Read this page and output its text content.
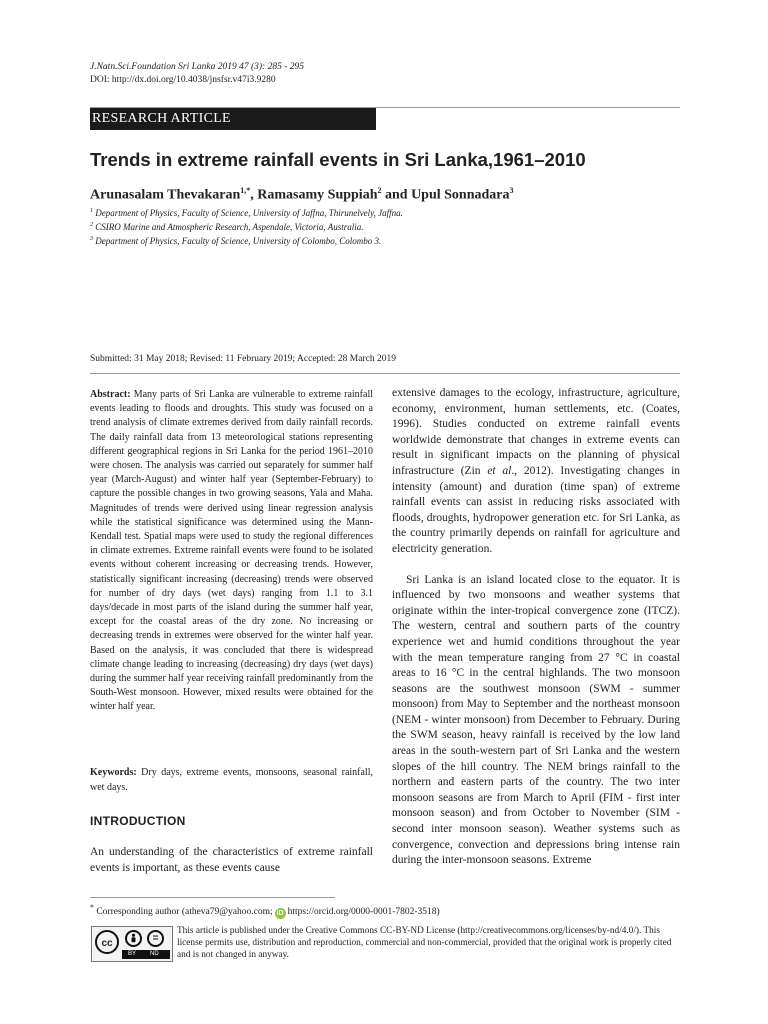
J.Natn.Sci.Foundation Sri Lanka 2019 47 (3): 285 - 295
DOI: http://dx.doi.org/10.4038/jnsfsr.v47i3.9280
RESEARCH ARTICLE
Trends in extreme rainfall events in Sri Lanka,1961–2010
Arunasalam Thevakaran$^{1,*}$, Ramasamy Suppiah$^2$ and Upul Sonnadara$^3$
$^1$ Department of Physics, Faculty of Science, University of Jaffna, Thirunelvely, Jaffna.
$^2$ CSIRO Marine and Atmospheric Research, Aspendale, Victoria, Australia.
$^3$ Department of Physics, Faculty of Science, University of Colombo, Colombo 3.
Submitted: 31 May 2018; Revised: 11 February 2019; Accepted: 28 March 2019
Abstract: Many parts of Sri Lanka are vulnerable to extreme rainfall events leading to floods and droughts. This study was focused on a trend analysis of climate extremes derived from daily rainfall records. The daily rainfall data from 13 meteorological stations representing different geographical regions in Sri Lanka for the period 1961–2010 were chosen. The analysis was carried out separately for summer half year (March-August) and winter half year (September-February) to capture the possible changes in two growing seasons, Yala and Maha. Magnitudes of trends were derived using linear regression analysis while the statistical significance was determined using the Mann-Kendall test. Spatial maps were used to study the regional differences in climate extremes. Extreme rainfall events were found to be isolated events without coherent increasing or decreasing trends. However, statistically significant increasing (decreasing) trends were observed for number of dry days (wet days) ranging from 1.1 to 3.1 days/decade in most parts of the island during the summer half year, except for the coastal areas of the dry zone. No increasing or decreasing trends in extremes were observed for the winter half year. Based on the analysis, it was concluded that there is widespread climate change leading to increasing (decreasing) dry days (wet days) during the summer half year receiving rainfall predominantly from the South-West monsoon. However, mixed results were obtained for the winter half year.
Keywords: Dry days, extreme events, monsoons, seasonal rainfall, wet days.
INTRODUCTION
An understanding of the characteristics of extreme rainfall events is important, as these events cause

extensive damages to the ecology, infrastructure, agriculture, economy, environment, human settlements, etc. (Coates, 1996). Studies conducted on extreme rainfall events worldwide demonstrate that changes in extreme events can result in significant impacts on the planning of physical infrastructure (Zin et al., 2012). Investigating changes in intensity (amount) and duration (time span) of extreme rainfall events can assist in reducing risks associated with floods, droughts, hydropower generation etc. for Sri Lanka, as the country primarily depends on rainfall for agriculture and electricity generation.

Sri Lanka is an island located close to the equator. It is influenced by two monsoons and weather systems that originate within the inter-tropical convergence zone (ITCZ). The western, central and southern parts of the country experience wet and humid conditions throughout the year with the mean temperature ranging from 27 °C in coastal areas to 16 °C in the central highlands. The two monsoon seasons are the southwest monsoon (SWM - summer monsoon) from May to September and the northeast monsoon (NEM - winter monsoon) from December to February. During the SWM season, heavy rainfall is received by the low land areas in the south-western part of Sri Lanka and the western slopes of the hill country. The NEM brings rainfall to the northern and eastern parts of the country. The two inter monsoon seasons are from March to April (FIM - first inter monsoon season) and from October to November (SIM - second inter monsoon season). Weather systems such as convergence, convection and depressions bring intense rain during the inter-monsoon seasons. Extreme

* Corresponding author (atheva79@yahoo.com; iD https://orcid.org/0000-0001-7802-3518)
cc	=
BY ND
This article is published under the Creative Commons CC-BY-ND License (http://creativecommons.org/licenses/by-nd/4.0/). This license permits use, distribution and reproduction, commercial and non-commercial, provided that the original work is properly cited and is not changed in anyway.
